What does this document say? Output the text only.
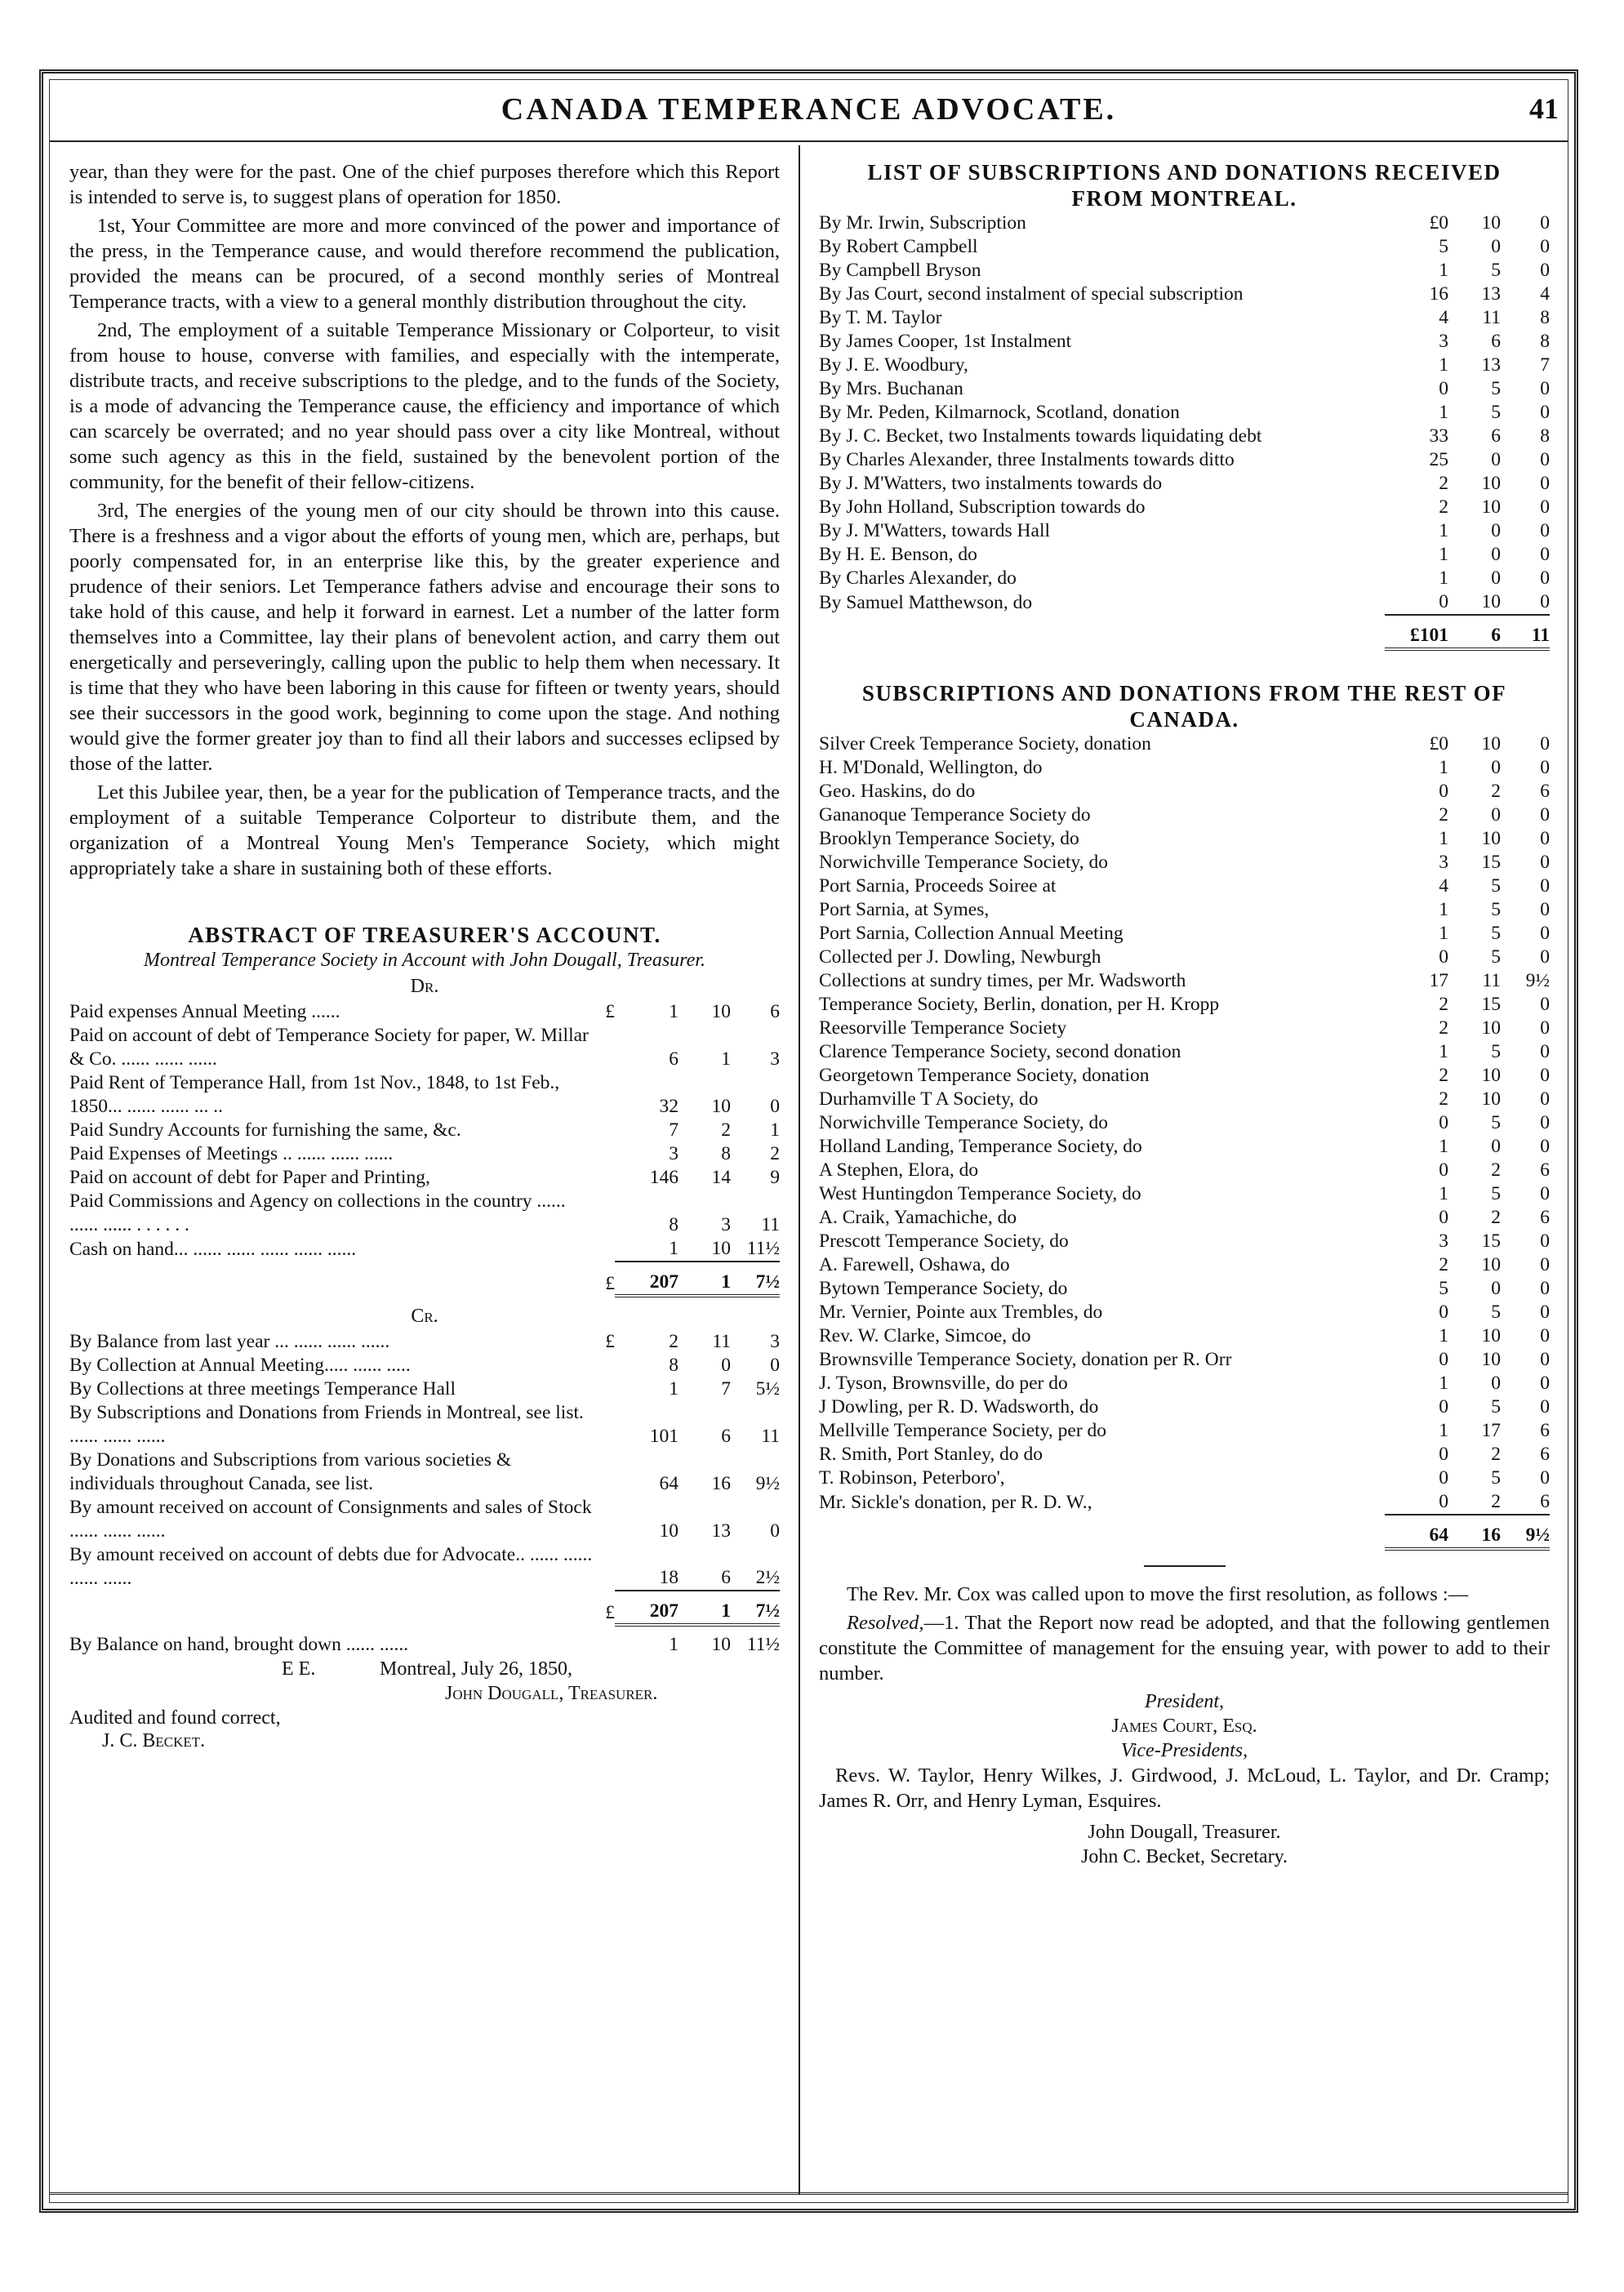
CANADA TEMPERANCE ADVOCATE.	41

year, than they were for the past. One of the chief purposes therefore which this Report is intended to serve is, to suggest plans of operation for 1850.

1st, Your Committee are more and more convinced of the power and importance of the press, in the Temperance cause, and would therefore recommend the publication, provided the means can be procured, of a second monthly series of Montreal Temperance tracts, with a view to a general monthly distribution throughout the city.

2nd, The employment of a suitable Temperance Missionary or Colporteur, to visit from house to house, converse with families, and especially with the intemperate, distribute tracts, and receive subscriptions to the pledge, and to the funds of the Society, is a mode of advancing the Temperance cause, the efficiency and importance of which can scarcely be overrated; and no year should pass over a city like Montreal, without some such agency as this in the field, sustained by the benevolent portion of the community, for the benefit of their fellow-citizens.

3rd, The energies of the young men of our city should be thrown into this cause. There is a freshness and a vigor about the efforts of young men, which are, perhaps, but poorly compensated for, in an enterprise like this, by the greater experience and prudence of their seniors. Let Temperance fathers advise and encourage their sons to take hold of this cause, and help it forward in earnest. Let a number of the latter form themselves into a Committee, lay their plans of benevolent action, and carry them out energetically and perseveringly, calling upon the public to help them when necessary. It is time that they who have been laboring in this cause for fifteen or twenty years, should see their successors in the good work, beginning to come upon the stage. And nothing would give the former greater joy than to find all their labors and successes eclipsed by those of the latter.

Let this Jubilee year, then, be a year for the publication of Temperance tracts, and the employment of a suitable Temperance Colporteur to distribute them, and the organization of a Montreal Young Men's Temperance Society, which might appropriately take a share in sustaining both of these efforts.

ABSTRACT OF TREASURER'S ACCOUNT.

Montreal Temperance Society in Account with John Dougall, Treasurer.

Dr.
Paid expenses Annual Meeting ......	£	1	10	6
Paid on account of debt of Temperance Society for paper, W. Millar & Co. ...... ...... ......		6	1	3
Paid Rent of Temperance Hall, from 1st Nov., 1848, to 1st Feb., 1850... ...... ...... ... ..		32	10	0
Paid Sundry Accounts for furnishing the same, &c.		7	2	1
Paid Expenses of Meetings .. ...... ...... ......		3	8	2
Paid on account of debt for Paper and Printing,		146	14	9
Paid Commissions and Agency on collections in the country ...... ...... ...... . . . . . .		8	3	11
Cash on hand... ...... ...... ...... ...... ......		1	10	11½
	£	207	1	7½
Cr.
By Balance from last year ... ...... ...... ......	£	2	11	3
By Collection at Annual Meeting..... ...... .....		8	0	0
By Collections at three meetings Temperance Hall		1	7	5½
By Subscriptions and Donations from Friends in Montreal, see list. ...... ...... ......		101	6	11
By Donations and Subscriptions from various societies & individuals throughout Canada, see list.		64	16	9½
By amount received on account of Consignments and sales of Stock ...... ...... ......		10	13	0
By amount received on account of debts due for Advocate.. ...... ...... ...... ......		18	6	2½
	£	207	1	7½
By Balance on hand, brought down ...... ......		1	10	11½
E E.	Montreal, July 26, 1850,
John Dougall, Treasurer.
Audited and found correct,
J. C. Becket.
LIST OF SUBSCRIPTIONS AND DONATIONS RECEIVED FROM MONTREAL.
By Mr. Irwin, Subscription	£0	10	0
By Robert Campbell	5	0	0
By Campbell Bryson	1	5	0
By Jas Court, second instalment of special subscription	16	13	4
By T. M. Taylor	4	11	8
By James Cooper, 1st Instalment	3	6	8
By J. E. Woodbury,	1	13	7
By Mrs. Buchanan	0	5	0
By Mr. Peden, Kilmarnock, Scotland, donation	1	5	0
By J. C. Becket, two Instalments towards liquidating debt	33	6	8
By Charles Alexander, three Instalments towards ditto	25	0	0
By J. M'Watters, two instalments towards do	2	10	0
By John Holland, Subscription towards do	2	10	0
By J. M'Watters, towards Hall	1	0	0
By H. E. Benson, do	1	0	0
By Charles Alexander, do	1	0	0
By Samuel Matthewson, do	0	10	0
	£101	6	11
SUBSCRIPTIONS AND DONATIONS FROM THE REST OF CANADA.
Silver Creek Temperance Society, donation	£0	10	0
H. M'Donald, Wellington, do	1	0	0
Geo. Haskins, do do	0	2	6
Gananoque Temperance Society do	2	0	0
Brooklyn Temperance Society, do	1	10	0
Norwichville Temperance Society, do	3	15	0
Port Sarnia, Proceeds Soiree at	4	5	0
Port Sarnia, at Symes,	1	5	0
Port Sarnia, Collection Annual Meeting	1	5	0
Collected per J. Dowling, Newburgh	0	5	0
Collections at sundry times, per Mr. Wadsworth	17	11	9½
Temperance Society, Berlin, donation, per H. Kropp	2	15	0
Reesorville Temperance Society	2	10	0
Clarence Temperance Society, second donation	1	5	0
Georgetown Temperance Society, donation	2	10	0
Durhamville T A Society, do	2	10	0
Norwichville Temperance Society, do	0	5	0
Holland Landing, Temperance Society, do	1	0	0
A Stephen, Elora, do	0	2	6
West Huntingdon Temperance Society, do	1	5	0
A. Craik, Yamachiche, do	0	2	6
Prescott Temperance Society, do	3	15	0
A. Farewell, Oshawa, do	2	10	0
Bytown Temperance Society, do	5	0	0
Mr. Vernier, Pointe aux Trembles, do	0	5	0
Rev. W. Clarke, Simcoe, do	1	10	0
Brownsville Temperance Society, donation per R. Orr	0	10	0
J. Tyson, Brownsville, do per do	1	0	0
J Dowling, per R. D. Wadsworth, do	0	5	0
Mellville Temperance Society, per do	1	17	6
R. Smith, Port Stanley, do do	0	2	6
T. Robinson, Peterboro',	0	5	0
Mr. Sickle's donation, per R. D. W.,	0	2	6
	64	16	9½

The Rev. Mr. Cox was called upon to move the first resolution, as follows :—

Resolved,—1. That the Report now read be adopted, and that the following gentlemen constitute the Committee of management for the ensuing year, with power to add to their number.

President,
James Court, Esq.
Vice-Presidents,

Revs. W. Taylor, Henry Wilkes, J. Girdwood, J. McLoud, L. Taylor, and Dr. Cramp; James R. Orr, and Henry Lyman, Esquires.

John Dougall, Treasurer.
John C. Becket, Secretary.
